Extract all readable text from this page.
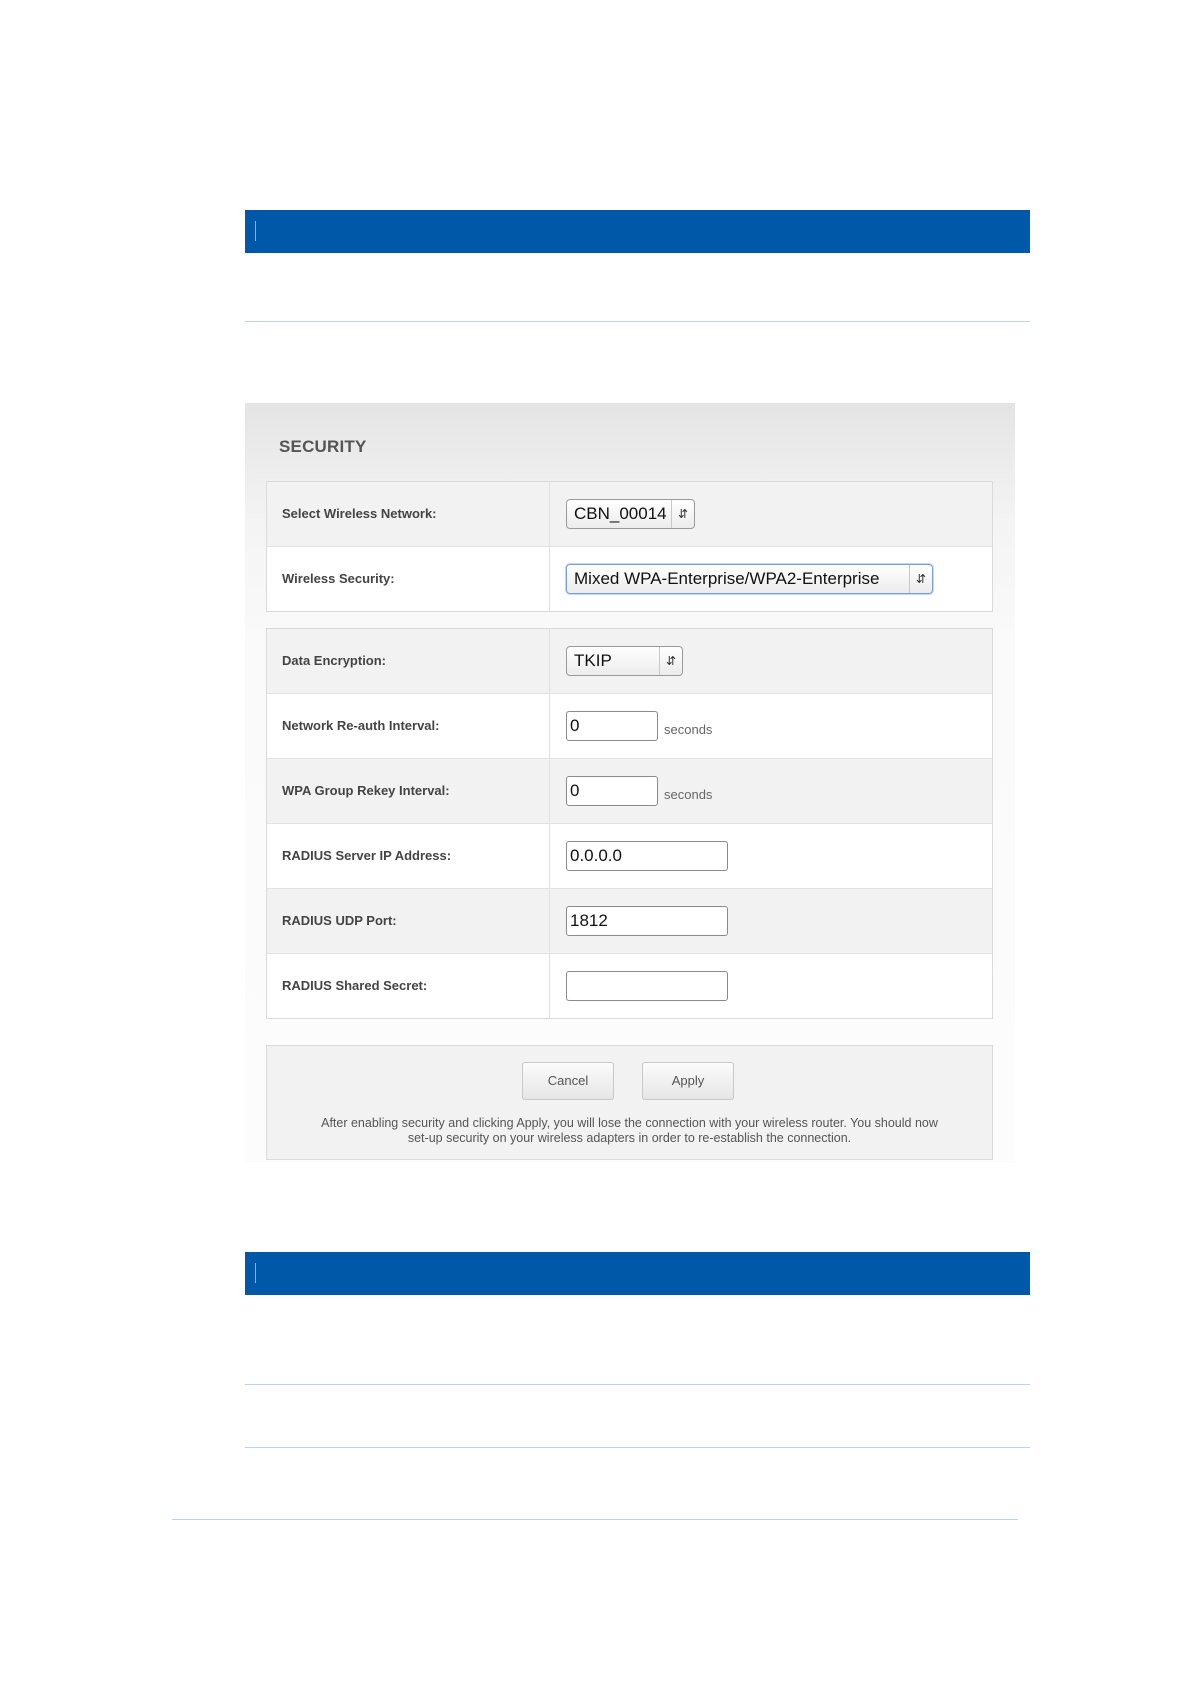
SECURITY
Select Wireless Network:	CBN_00014 ⇵
Wireless Security:	Mixed WPA-Enterprise/WPA2-Enterprise	⇵
Data Encryption:	TKIP	⇵
Network Re-auth Interval:	0	seconds
WPA Group Rekey Interval:	0	seconds
RADIUS Server IP Address:	0.0.0.0
RADIUS UDP Port:	1812
RADIUS Shared Secret:
Cancel	Apply
After enabling security and clicking Apply, you will lose the connection with your wireless router. You should now
set-up security on your wireless adapters in order to re-establish the connection.
